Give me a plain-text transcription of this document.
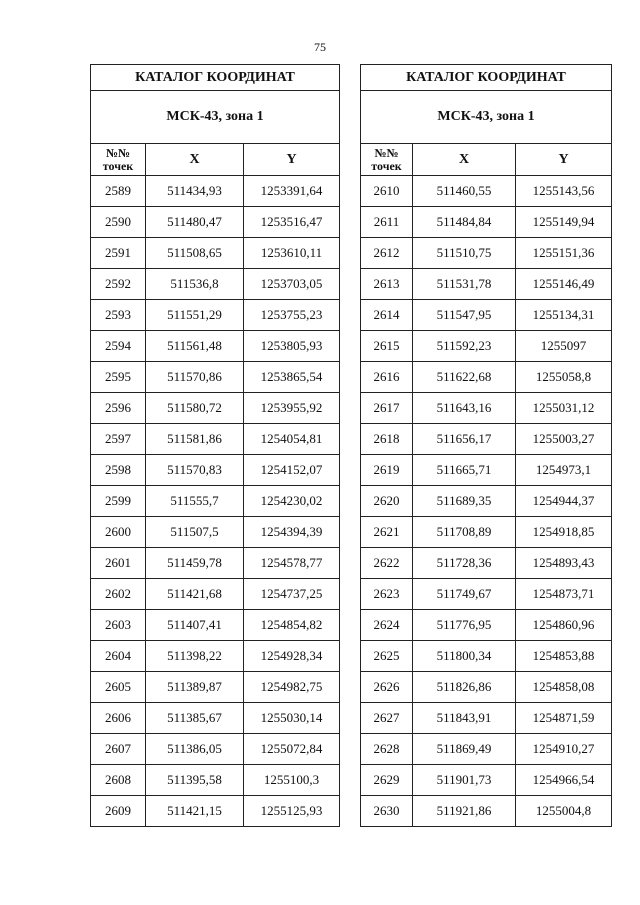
75
КАТАЛОГ КООРДИНАТ		
МСК-43, зона 1		
№№ точек	X	Y
2589	511434,93	1253391,64
2590	511480,47	1253516,47
2591	511508,65	1253610,11
2592	511536,8	1253703,05
2593	511551,29	1253755,23
2594	511561,48	1253805,93
2595	511570,86	1253865,54
2596	511580,72	1253955,92
2597	511581,86	1254054,81
2598	511570,83	1254152,07
2599	511555,7	1254230,02
2600	511507,5	1254394,39
2601	511459,78	1254578,77
2602	511421,68	1254737,25
2603	511407,41	1254854,82
2604	511398,22	1254928,34
2605	511389,87	1254982,75
2606	511385,67	1255030,14
2607	511386,05	1255072,84
2608	511395,58	1255100,3
2609	511421,15	1255125,93
КАТАЛОГ КООРДИНАТ		
МСК-43, зона 1		
№№ точек	X	Y
2610	511460,55	1255143,56
2611	511484,84	1255149,94
2612	511510,75	1255151,36
2613	511531,78	1255146,49
2614	511547,95	1255134,31
2615	511592,23	1255097
2616	511622,68	1255058,8
2617	511643,16	1255031,12
2618	511656,17	1255003,27
2619	511665,71	1254973,1
2620	511689,35	1254944,37
2621	511708,89	1254918,85
2622	511728,36	1254893,43
2623	511749,67	1254873,71
2624	511776,95	1254860,96
2625	511800,34	1254853,88
2626	511826,86	1254858,08
2627	511843,91	1254871,59
2628	511869,49	1254910,27
2629	511901,73	1254966,54
2630	511921,86	1255004,8
